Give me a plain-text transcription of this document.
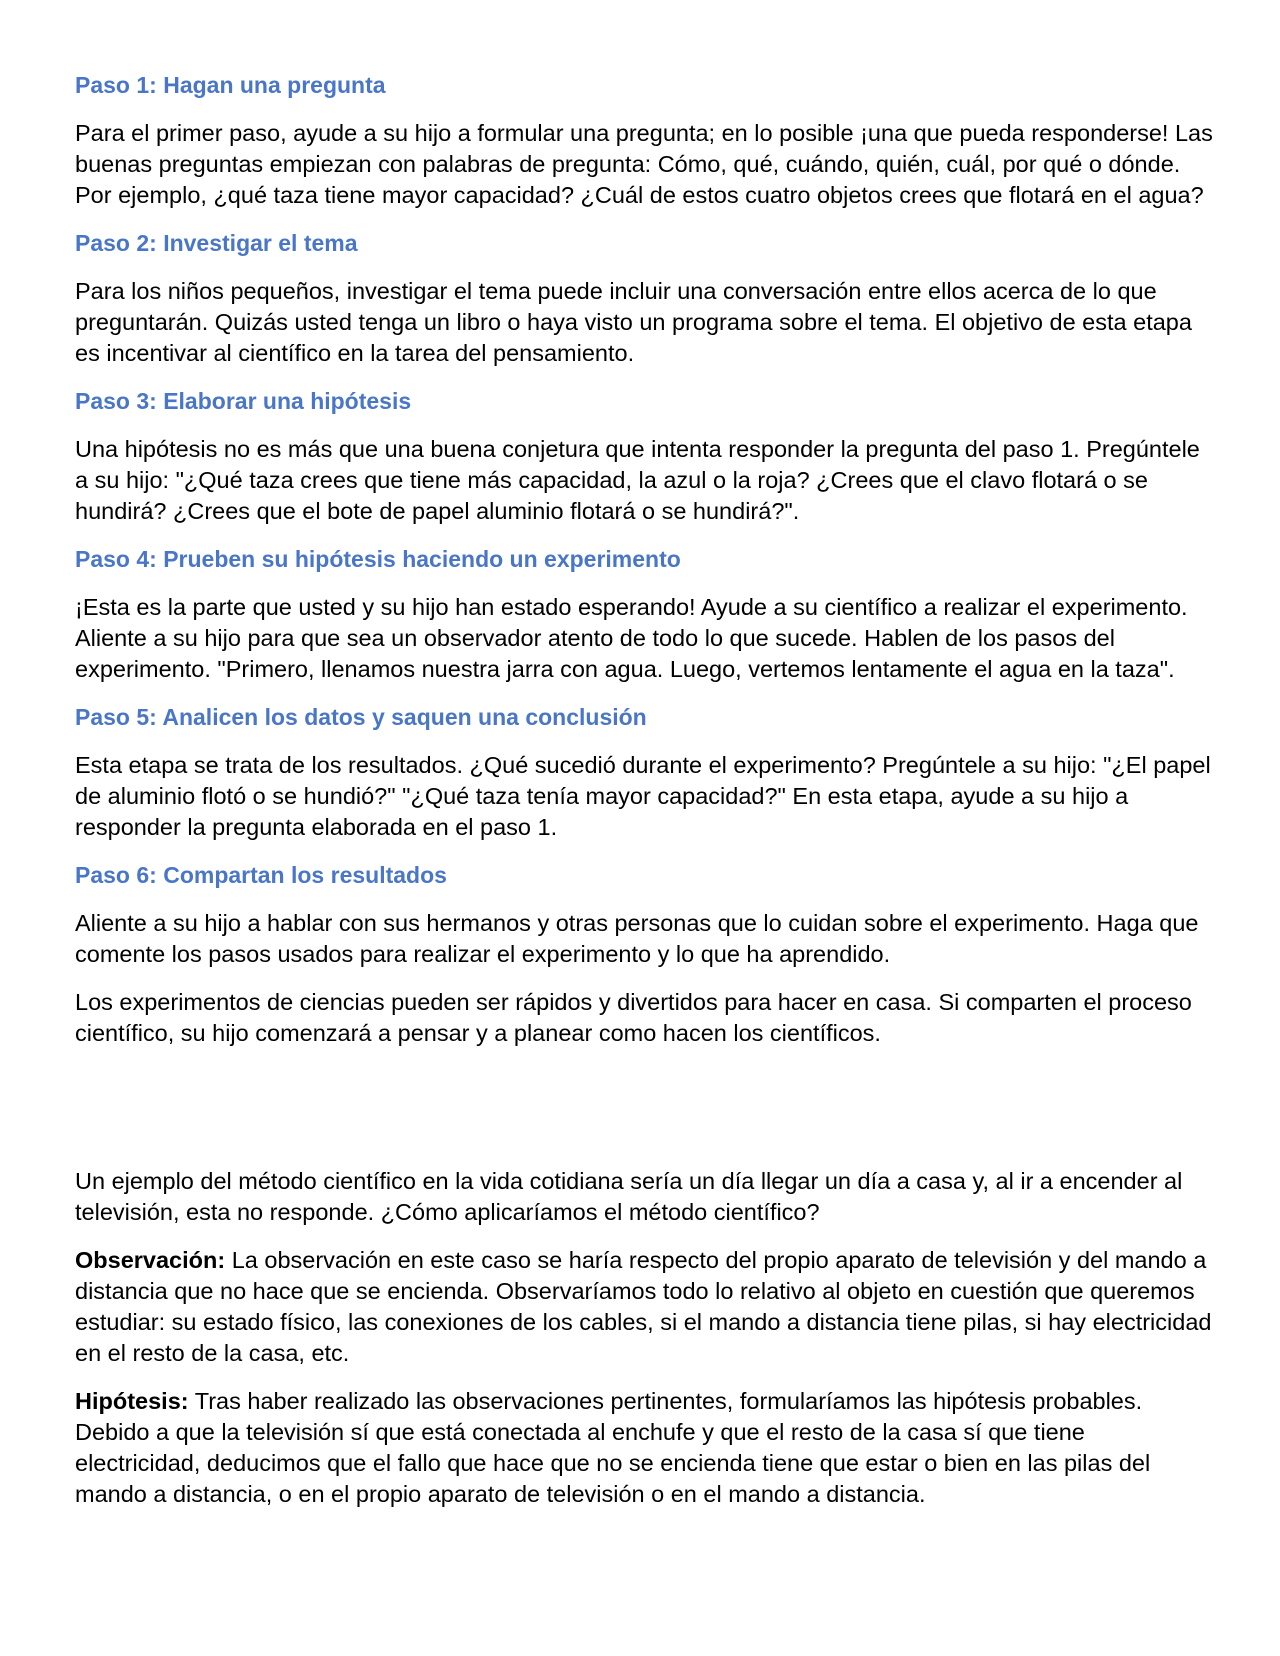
Paso 1: Hagan una pregunta
Para el primer paso, ayude a su hijo a formular una pregunta; en lo posible ¡una que pueda responderse! Las buenas preguntas empiezan con palabras de pregunta: Cómo, qué, cuándo, quién, cuál, por qué o dónde. Por ejemplo, ¿qué taza tiene mayor capacidad? ¿Cuál de estos cuatro objetos crees que flotará en el agua?
Paso 2: Investigar el tema
Para los niños pequeños, investigar el tema puede incluir una conversación entre ellos acerca de lo que preguntarán. Quizás usted tenga un libro o haya visto un programa sobre el tema. El objetivo de esta etapa es incentivar al científico en la tarea del pensamiento.
Paso 3: Elaborar una hipótesis
Una hipótesis no es más que una buena conjetura que intenta responder la pregunta del paso 1. Pregúntele a su hijo: "¿Qué taza crees que tiene más capacidad, la azul o la roja? ¿Crees que el clavo flotará o se hundirá? ¿Crees que el bote de papel aluminio flotará o se hundirá?".
Paso 4: Prueben su hipótesis haciendo un experimento
¡Esta es la parte que usted y su hijo han estado esperando! Ayude a su científico a realizar el experimento. Aliente a su hijo para que sea un observador atento de todo lo que sucede. Hablen de los pasos del experimento. "Primero, llenamos nuestra jarra con agua. Luego, vertemos lentamente el agua en la taza".
Paso 5: Analicen los datos y saquen una conclusión
Esta etapa se trata de los resultados. ¿Qué sucedió durante el experimento? Pregúntele a su hijo: "¿El papel de aluminio flotó o se hundió?" "¿Qué taza tenía mayor capacidad?" En esta etapa, ayude a su hijo a responder la pregunta elaborada en el paso 1.
Paso 6: Compartan los resultados
Aliente a su hijo a hablar con sus hermanos y otras personas que lo cuidan sobre el experimento. Haga que comente los pasos usados para realizar el experimento y lo que ha aprendido.
Los experimentos de ciencias pueden ser rápidos y divertidos para hacer en casa. Si comparten el proceso científico, su hijo comenzará a pensar y a planear como hacen los científicos.
Un ejemplo del método científico en la vida cotidiana sería un día llegar un día a casa y, al ir a encender al televisión, esta no responde. ¿Cómo aplicaríamos el método científico?
Observación: La observación en este caso se haría respecto del propio aparato de televisión y del mando a distancia que no hace que se encienda. Observaríamos todo lo relativo al objeto en cuestión que queremos estudiar: su estado físico, las conexiones de los cables, si el mando a distancia tiene pilas, si hay electricidad en el resto de la casa, etc.
Hipótesis: Tras haber realizado las observaciones pertinentes, formularíamos las hipótesis probables. Debido a que la televisión sí que está conectada al enchufe y que el resto de la casa sí que tiene electricidad, deducimos que el fallo que hace que no se encienda tiene que estar o bien en las pilas del mando a distancia, o en el propio aparato de televisión o en el mando a distancia.
